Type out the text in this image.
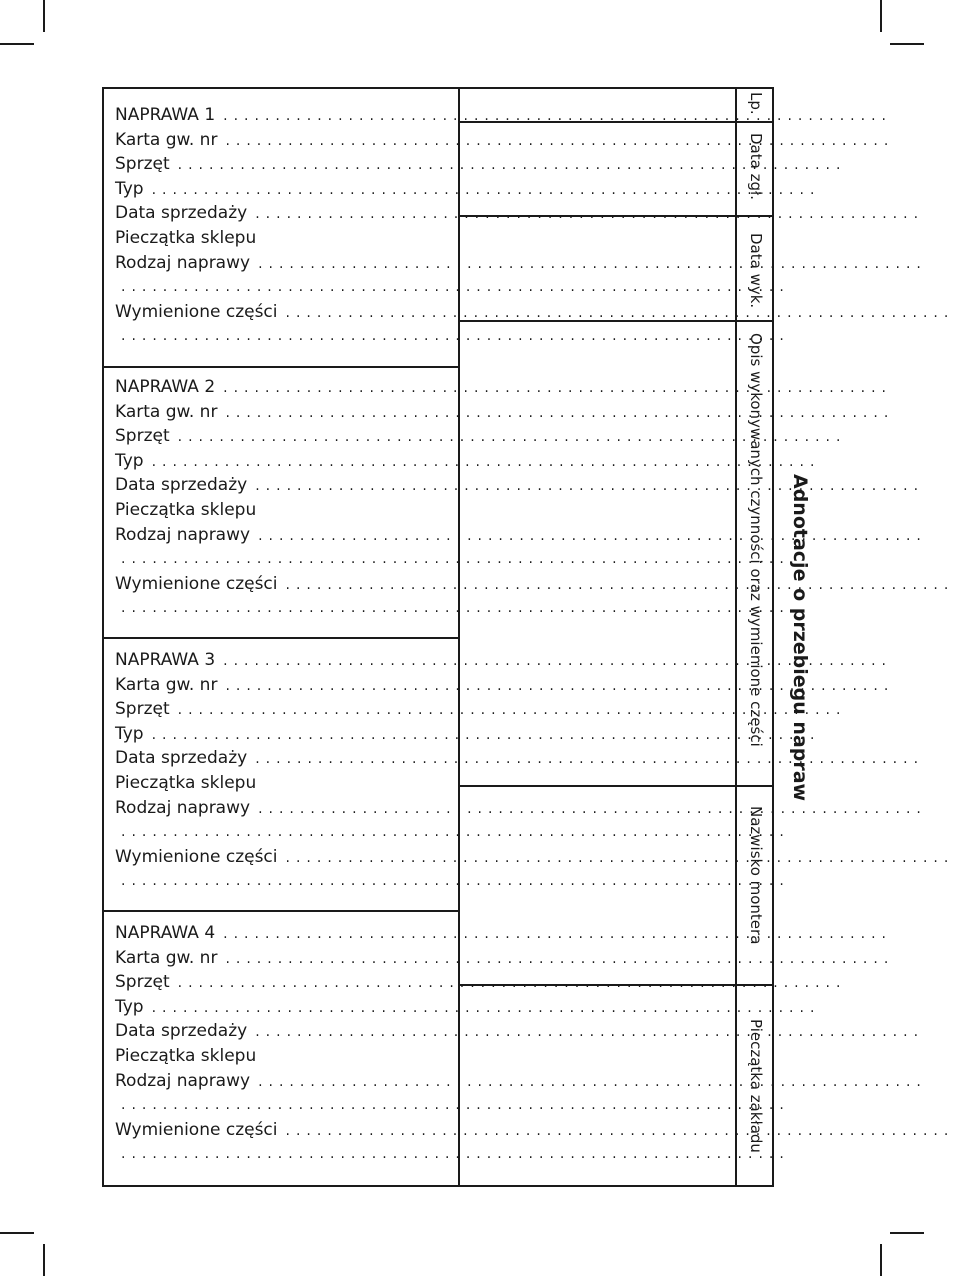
Lp.
Data zgł.
Data wyk.
Opis wykonywanych czynności oraz wymienione części
Nazwisko montera
Pieczątka zakładu
Adnotacje o przebiegu napraw
NAPRAWA 1 ................................................................
Karta gw. nr ................................................................
Sprzęt ................................................................
Typ ................................................................
Data sprzedaży ................................................................
Pieczątka sklepu
Rodzaj naprawy ................................................................
................................................................
Wymienione części ................................................................
................................................................
NAPRAWA 2 ................................................................
Karta gw. nr ................................................................
Sprzęt ................................................................
Typ ................................................................
Data sprzedaży ................................................................
Pieczątka sklepu
Rodzaj naprawy ................................................................
................................................................
Wymienione części ................................................................
................................................................
NAPRAWA 3 ................................................................
Karta gw. nr ................................................................
Sprzęt ................................................................
Typ ................................................................
Data sprzedaży ................................................................
Pieczątka sklepu
Rodzaj naprawy ................................................................
................................................................
Wymienione części ................................................................
................................................................
NAPRAWA 4 ................................................................
Karta gw. nr ................................................................
Sprzęt ................................................................
Typ ................................................................
Data sprzedaży ................................................................
Pieczątka sklepu
Rodzaj naprawy ................................................................
................................................................
Wymienione części ................................................................
................................................................
